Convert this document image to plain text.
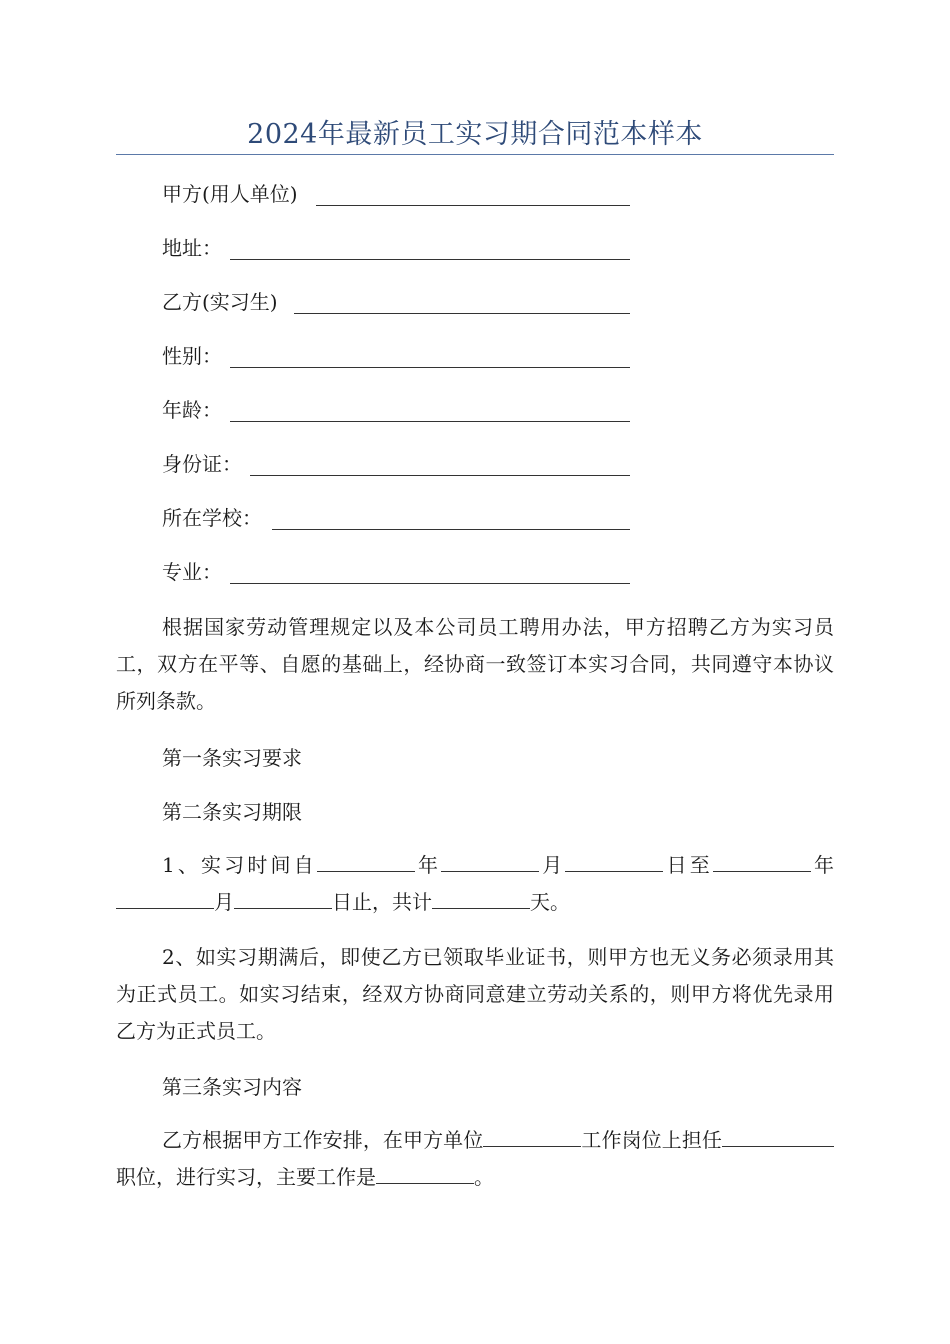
2024年最新员工实习期合同范本样本
甲方(用人单位)
地址：
乙方(实习生)
性别：
年龄：
身份证：
所在学校：
专业：

根据国家劳动管理规定以及本公司员工聘用办法，甲方招聘乙方为实习员工，双方在平等、自愿的基础上，经协商一致签订本实习合同，共同遵守本协议所列条款。

第一条实习要求
第二条实习期限

1、实习时间自	年	月	日至	年月	日止，共计	天。

2、如实习期满后，即使乙方已领取毕业证书，则甲方也无义务必须录用其为正式员工。如实习结束，经双方协商同意建立劳动关系的，则甲方将优先录用乙方为正式员工。

第三条实习内容

乙方根据甲方工作安排，在甲方单位	工作岗位上担任职位，进行实习，主要工作是	。
